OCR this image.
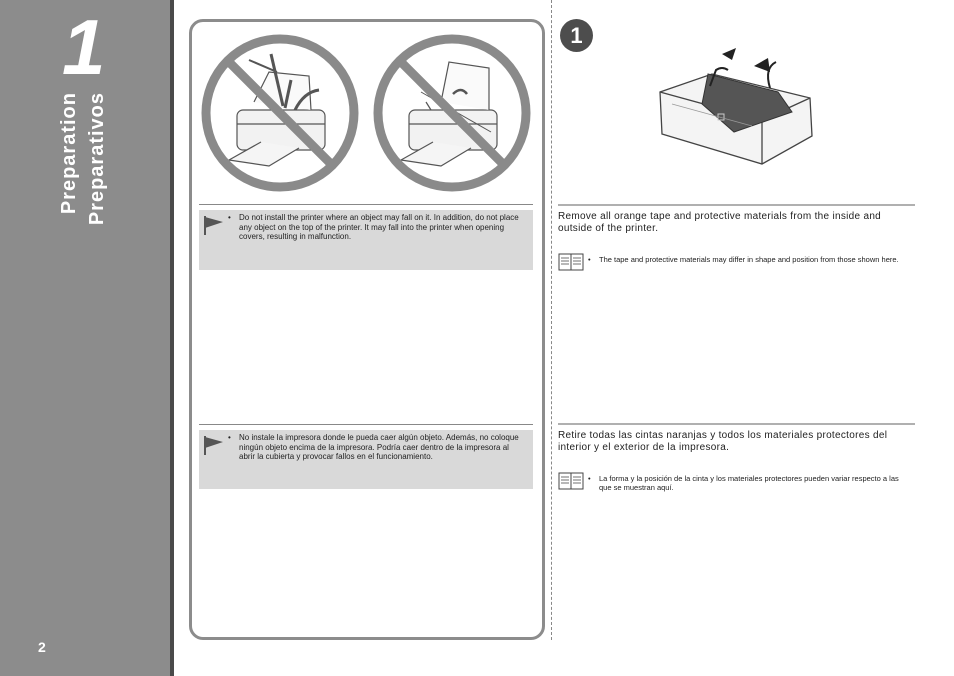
1
Preparation Preparativos
2
• Do not install the printer where an object may fall on it. In addition, do not place any object on the top of the printer. It may fall into the printer when opening covers, resulting in malfunction.
• No instale la impresora donde le pueda caer algún objeto. Además, no coloque ningún objeto encima de la impresora. Podría caer dentro de la impresora al abrir la cubierta y provocar fallos en el funcionamiento.
1
Remove all orange tape and protective materials from the inside and outside of the printer.
• The tape and protective materials may differ in shape and position from those shown here.
Retire todas las cintas naranjas y todos los materiales protectores del interior y el exterior de la impresora.
• La forma y la posición de la cinta y los materiales protectores pueden variar respecto a las que se muestran aquí.
